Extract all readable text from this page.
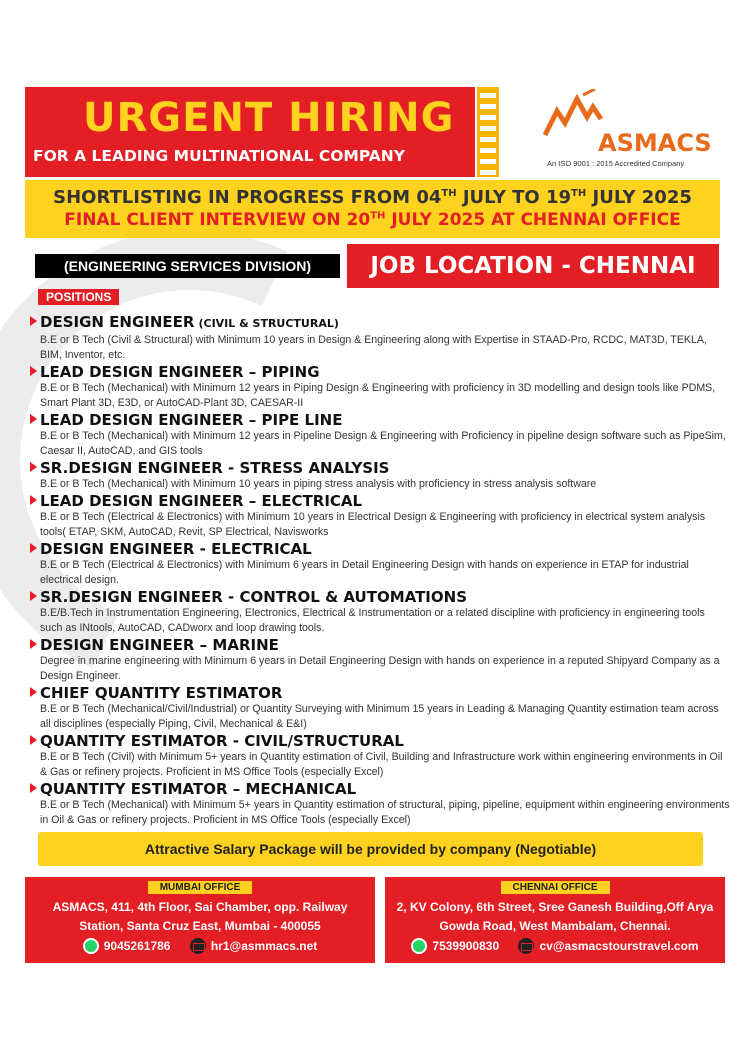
URGENT HIRING
FOR A LEADING MULTINATIONAL COMPANY	ASMACS
An ISO 9001 : 2015 Accredited Company
SHORTLISTING IN PROGRESS FROM 04TH JULY TO 19TH JULY 2025
FINAL CLIENT INTERVIEW ON 20TH JULY 2025 AT CHENNAI OFFICE
(ENGINEERING SERVICES DIVISION)	JOB LOCATION - CHENNAI
POSITIONS
DESIGN ENGINEER (CIVIL & STRUCTURAL)
B.E or B Tech (Civil & Structural) with Minimum 10 years in Design & Engineering along with Expertise in STAAD-Pro, RCDC, MAT3D, TEKLA, BIM, Inventor, etc.
LEAD DESIGN ENGINEER – PIPING
B.E or B Tech (Mechanical) with Minimum 12 years in Piping Design & Engineering with proficiency in 3D modelling and design tools like PDMS, Smart Plant 3D, E3D, or AutoCAD-Plant 3D, CAESAR-II
LEAD DESIGN ENGINEER – PIPE LINE
B.E or B Tech (Mechanical) with Minimum 12 years in Pipeline Design & Engineering with Proficiency in pipeline design software such as PipeSim, Caesar II, AutoCAD, and GIS tools
SR.DESIGN ENGINEER - STRESS ANALYSIS
B.E or B Tech (Mechanical) with Minimum 10 years in piping stress analysis with proficiency in stress analysis software
LEAD DESIGN ENGINEER – ELECTRICAL
B.E or B Tech (Electrical & Electronics) with Minimum 10 years in Electrical Design & Engineering with proficiency in electrical system analysis tools( ETAP, SKM, AutoCAD, Revit, SP Electrical, Navisworks
DESIGN ENGINEER - ELECTRICAL
B.E or B Tech (Electrical & Electronics) with Minimum 6 years in Detail Engineering Design with hands on experience in ETAP for industrial electrical design.
SR.DESIGN ENGINEER - CONTROL & AUTOMATIONS
B.E/B.Tech in Instrumentation Engineering, Electronics, Electrical & Instrumentation or a related discipline with proficiency in engineering tools such as INtools, AutoCAD, CADworx and loop drawing tools.
DESIGN ENGINEER – MARINE
Degree in marine engineering with Minimum 6 years in Detail Engineering Design with hands on experience in a reputed Shipyard Company as a Design Engineer.
CHIEF QUANTITY ESTIMATOR
B.E or B Tech (Mechanical/Civil/Industrial) or Quantity Surveying with Minimum 15 years in Leading & Managing Quantity estimation team across all disciplines (especially Piping, Civil, Mechanical & E&I)
QUANTITY ESTIMATOR - CIVIL/STRUCTURAL
B.E or B Tech (Civil) with Minimum 5+ years in Quantity estimation of Civil, Building and Infrastructure work within engineering environments in Oil & Gas or refinery projects. Proficient in MS Office Tools (especially Excel)
QUANTITY ESTIMATOR – MECHANICAL
B.E or B Tech (Mechanical) with Minimum 5+ years in Quantity estimation of structural, piping, pipeline, equipment within engineering environments in Oil & Gas or refinery projects. Proficient in MS Office Tools (especially Excel)
Attractive Salary Package will be provided by company (Negotiable)
MUMBAI OFFICE
ASMACS, 411, 4th Floor, Sai Chamber, opp. Railway
Station, Santa Cruz East, Mumbai - 400055
9045261786
	hr1@asmmacs.net
CHENNAI OFFICE
2, KV Colony, 6th Street, Sree Ganesh Building,Off Arya
Gowda Road, West Mambalam, Chennai.
7539900830
	cv@asmacstourstravel.com
